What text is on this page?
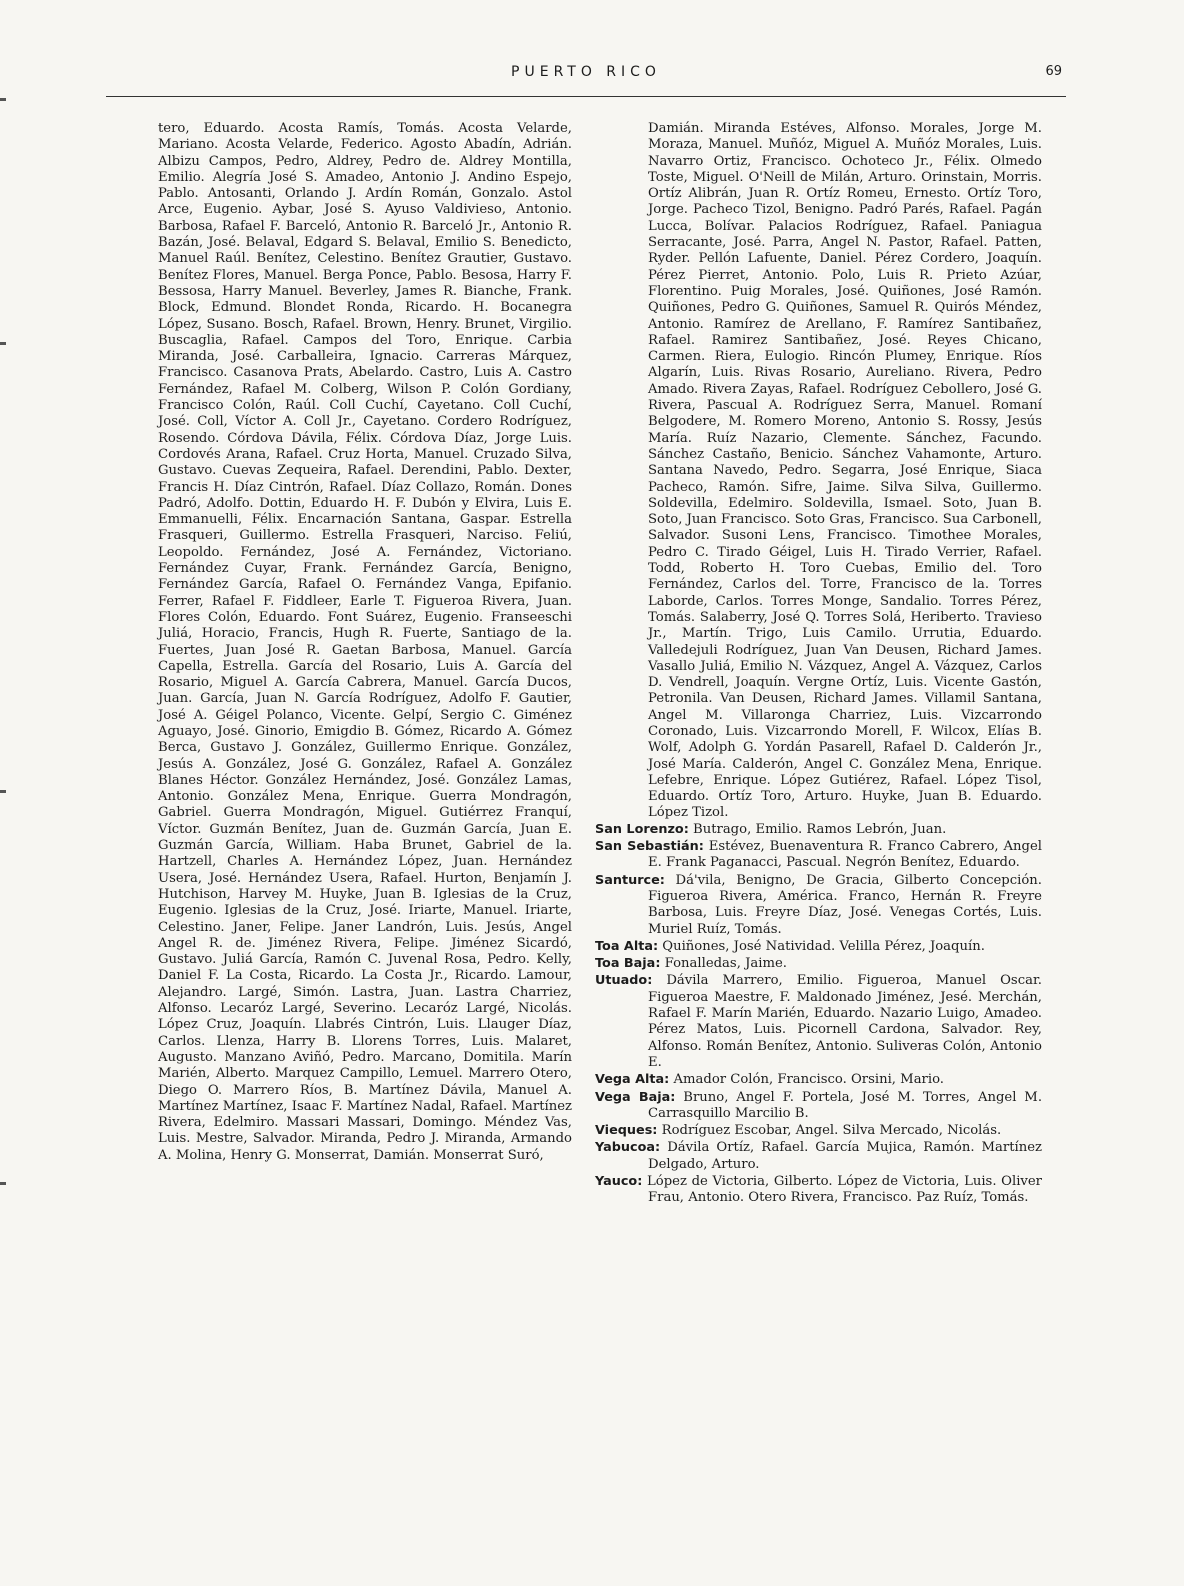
PUERTO RICO	69
tero, Eduardo. Acosta Ramís, Tomás. Acosta Velarde, Mariano. Acosta Velarde, Federico. Agosto Abadín, Adrián. Albizu Campos, Pedro, Aldrey, Pedro de. Aldrey Montilla, Emilio. Alegría José S. Amadeo, Antonio J. Andino Espejo, Pablo. Antosanti, Orlando J. Ardín Román, Gonzalo. Astol Arce, Eugenio. Aybar, José S. Ayuso Valdivieso, Antonio. Barbosa, Rafael F. Barceló, Antonio R. Barceló Jr., Antonio R. Bazán, José. Belaval, Edgard S. Belaval, Emilio S. Benedicto, Manuel Raúl. Benítez, Celestino. Benítez Grautier, Gustavo. Benítez Flores, Manuel. Berga Ponce, Pablo. Besosa, Harry F. Bessosa, Harry Manuel. Beverley, James R. Bianche, Frank. Block, Edmund. Blondet Ronda, Ricardo. H. Bocanegra López, Susano. Bosch, Rafael. Brown, Henry. Brunet, Virgilio. Buscaglia, Rafael. Campos del Toro, Enrique. Carbia Miranda, José. Carballeira, Ignacio. Carreras Márquez, Francisco. Casanova Prats, Abelardo. Castro, Luis A. Castro Fernández, Rafael M. Colberg, Wilson P. Colón Gordiany, Francisco Colón, Raúl. Coll Cuchí, Cayetano. Coll Cuchí, José. Coll, Víctor A. Coll Jr., Cayetano. Cordero Rodríguez, Rosendo. Córdova Dávila, Félix. Córdova Díaz, Jorge Luis. Cordovés Arana, Rafael. Cruz Horta, Manuel. Cruzado Silva, Gustavo. Cuevas Zequeira, Rafael. Derendini, Pablo. Dexter, Francis H. Díaz Cintrón, Rafael. Díaz Collazo, Román. Dones Padró, Adolfo. Dottin, Eduardo H. F. Dubón y Elvira, Luis E. Emmanuelli, Félix. Encarnación Santana, Gaspar. Estrella Frasqueri, Guillermo. Estrella Frasqueri, Narciso. Feliú, Leopoldo. Fernández, José A. Fernández, Victoriano. Fernández Cuyar, Frank. Fernández García, Benigno, Fernández García, Rafael O. Fernández Vanga, Epifanio. Ferrer, Rafael F. Fiddleer, Earle T. Figueroa Rivera, Juan. Flores Colón, Eduardo. Font Suárez, Eugenio. Franseeschi Juliá, Horacio, Francis, Hugh R. Fuerte, Santiago de la. Fuertes, Juan José R. Gaetan Barbosa, Manuel. García Capella, Estrella. García del Rosario, Luis A. García del Rosario, Miguel A. García Cabrera, Manuel. García Ducos, Juan. García, Juan N. García Rodríguez, Adolfo F. Gautier, José A. Géigel Polanco, Vicente. Gelpí, Sergio C. Giménez Aguayo, José. Ginorio, Emigdio B. Gómez, Ricardo A. Gómez Berca, Gustavo J. González, Guillermo Enrique. González, Jesús A. González, José G. González, Rafael A. González Blanes Héctor. González Hernández, José. González Lamas, Antonio. González Mena, Enrique. Guerra Mondragón, Gabriel. Guerra Mondragón, Miguel. Gutiérrez Franquí, Víctor. Guzmán Benítez, Juan de. Guzmán García, Juan E. Guzmán García, William. Haba Brunet, Gabriel de la. Hartzell, Charles A. Hernández López, Juan. Hernández Usera, José. Hernández Usera, Rafael. Hurton, Benjamín J. Hutchison, Harvey M. Huyke, Juan B. Iglesias de la Cruz, Eugenio. Iglesias de la Cruz, José. Iriarte, Manuel. Iriarte, Celestino. Janer, Felipe. Janer Landrón, Luis. Jesús, Angel Angel R. de. Jiménez Rivera, Felipe. Jiménez Sicardó, Gustavo. Juliá García, Ramón C. Juvenal Rosa, Pedro. Kelly, Daniel F. La Costa, Ricardo. La Costa Jr., Ricardo. Lamour, Alejandro. Largé, Simón. Lastra, Juan. Lastra Charriez, Alfonso. Lecaróz Largé, Severino. Lecaróz Largé, Nicolás. López Cruz, Joaquín. Llabrés Cintrón, Luis. Llauger Díaz, Carlos. Llenza, Harry B. Llorens Torres, Luis. Malaret, Augusto. Manzano Aviñó, Pedro. Marcano, Domitila. Marín Marién, Alberto. Marquez Campillo, Lemuel. Marrero Otero, Diego O. Marrero Ríos, B. Martínez Dávila, Manuel A. Martínez Martínez, Isaac F. Martínez Nadal, Rafael. Martínez Rivera, Edelmiro. Massari Massari, Domingo. Méndez Vas, Luis. Mestre, Salvador. Miranda, Pedro J. Miranda, Armando A. Molina, Henry G. Monserrat, Damián. Monserrat Suró,
Damián. Miranda Estéves, Alfonso. Morales, Jorge M. Moraza, Manuel. Muñóz, Miguel A. Muñóz Morales, Luis. Navarro Ortiz, Francisco. Ochoteco Jr., Félix. Olmedo Toste, Miguel. O'Neill de Milán, Arturo. Orinstain, Morris. Ortíz Alibrán, Juan R. Ortíz Romeu, Ernesto. Ortíz Toro, Jorge. Pacheco Tizol, Benigno. Padró Parés, Rafael. Pagán Lucca, Bolívar. Palacios Rodríguez, Rafael. Paniagua Serracante, José. Parra, Angel N. Pastor, Rafael. Patten, Ryder. Pellón Lafuente, Daniel. Pérez Cordero, Joaquín. Pérez Pierret, Antonio. Polo, Luis R. Prieto Azúar, Florentino. Puig Morales, José. Quiñones, José Ramón. Quiñones, Pedro G. Quiñones, Samuel R. Quirós Méndez, Antonio. Ramírez de Arellano, F. Ramírez Santibañez, Rafael. Ramirez Santibañez, José. Reyes Chicano, Carmen. Riera, Eulogio. Rincón Plumey, Enrique. Ríos Algarín, Luis. Rivas Rosario, Aureliano. Rivera, Pedro Amado. Rivera Zayas, Rafael. Rodríguez Cebollero, José G. Rivera, Pascual A. Rodríguez Serra, Manuel. Romaní Belgodere, M. Romero Moreno, Antonio S. Rossy, Jesús María. Ruíz Nazario, Clemente. Sánchez, Facundo. Sánchez Castaño, Benicio. Sánchez Vahamonte, Arturo. Santana Navedo, Pedro. Segarra, José Enrique, Siaca Pacheco, Ramón. Sifre, Jaime. Silva Silva, Guillermo. Soldevilla, Edelmiro. Soldevilla, Ismael. Soto, Juan B. Soto, Juan Francisco. Soto Gras, Francisco. Sua Carbonell, Salvador. Susoni Lens, Francisco. Timothee Morales, Pedro C. Tirado Géigel, Luis H. Tirado Verrier, Rafael. Todd, Roberto H. Toro Cuebas, Emilio del. Toro Fernández, Carlos del. Torre, Francisco de la. Torres Laborde, Carlos. Torres Monge, Sandalio. Torres Pérez, Tomás. Salaberry, José Q. Torres Solá, Heriberto. Travieso Jr., Martín. Trigo, Luis Camilo. Urrutia, Eduardo. Valledejuli Rodríguez, Juan Van Deusen, Richard James. Vasallo Juliá, Emilio N. Vázquez, Angel A. Vázquez, Carlos D. Vendrell, Joaquín. Vergne Ortíz, Luis. Vicente Gastón, Petronila. Van Deusen, Richard James. Villamil Santana, Angel M. Villaronga Charriez, Luis. Vizcarrondo Coronado, Luis. Vizcarrondo Morell, F. Wilcox, Elías B. Wolf, Adolph G. Yordán Pasarell, Rafael D. Calderón Jr., José María. Calderón, Angel C. González Mena, Enrique. Lefebre, Enrique. López Gutiérez, Rafael. López Tisol, Eduardo. Ortíz Toro, Arturo. Huyke, Juan B. Eduardo. López Tizol.

San Lorenzo: Butrago, Emilio. Ramos Lebrón, Juan.

San Sebastián: Estévez, Buenaventura R. Franco Cabrero, Angel E. Frank Paganacci, Pascual. Negrón Benítez, Eduardo.

Santurce: Dá'vila, Benigno, De Gracia, Gilberto Concepción. Figueroa Rivera, América. Franco, Hernán R. Freyre Barbosa, Luis. Freyre Díaz, José. Venegas Cortés, Luis. Muriel Ruíz, Tomás.

Toa Alta: Quiñones, José Natividad. Velilla Pérez, Joaquín.

Toa Baja: Fonalledas, Jaime.

Utuado: Dávila Marrero, Emilio. Figueroa, Manuel Oscar. Figueroa Maestre, F. Maldonado Jiménez, Jesé. Merchán, Rafael F. Marín Marién, Eduardo. Nazario Luigo, Amadeo. Pérez Matos, Luis. Picornell Cardona, Salvador. Rey, Alfonso. Román Benítez, Antonio. Suliveras Colón, Antonio E.

Vega Alta: Amador Colón, Francisco. Orsini, Mario.

Vega Baja: Bruno, Angel F. Portela, José M. Torres, Angel M. Carrasquillo Marcilio B.

Vieques: Rodríguez Escobar, Angel. Silva Mercado, Nicolás.

Yabucoa: Dávila Ortíz, Rafael. García Mujica, Ramón. Martínez Delgado, Arturo.

Yauco: López de Victoria, Gilberto. López de Victoria, Luis. Oliver Frau, Antonio. Otero Rivera, Francisco. Paz Ruíz, Tomás.
